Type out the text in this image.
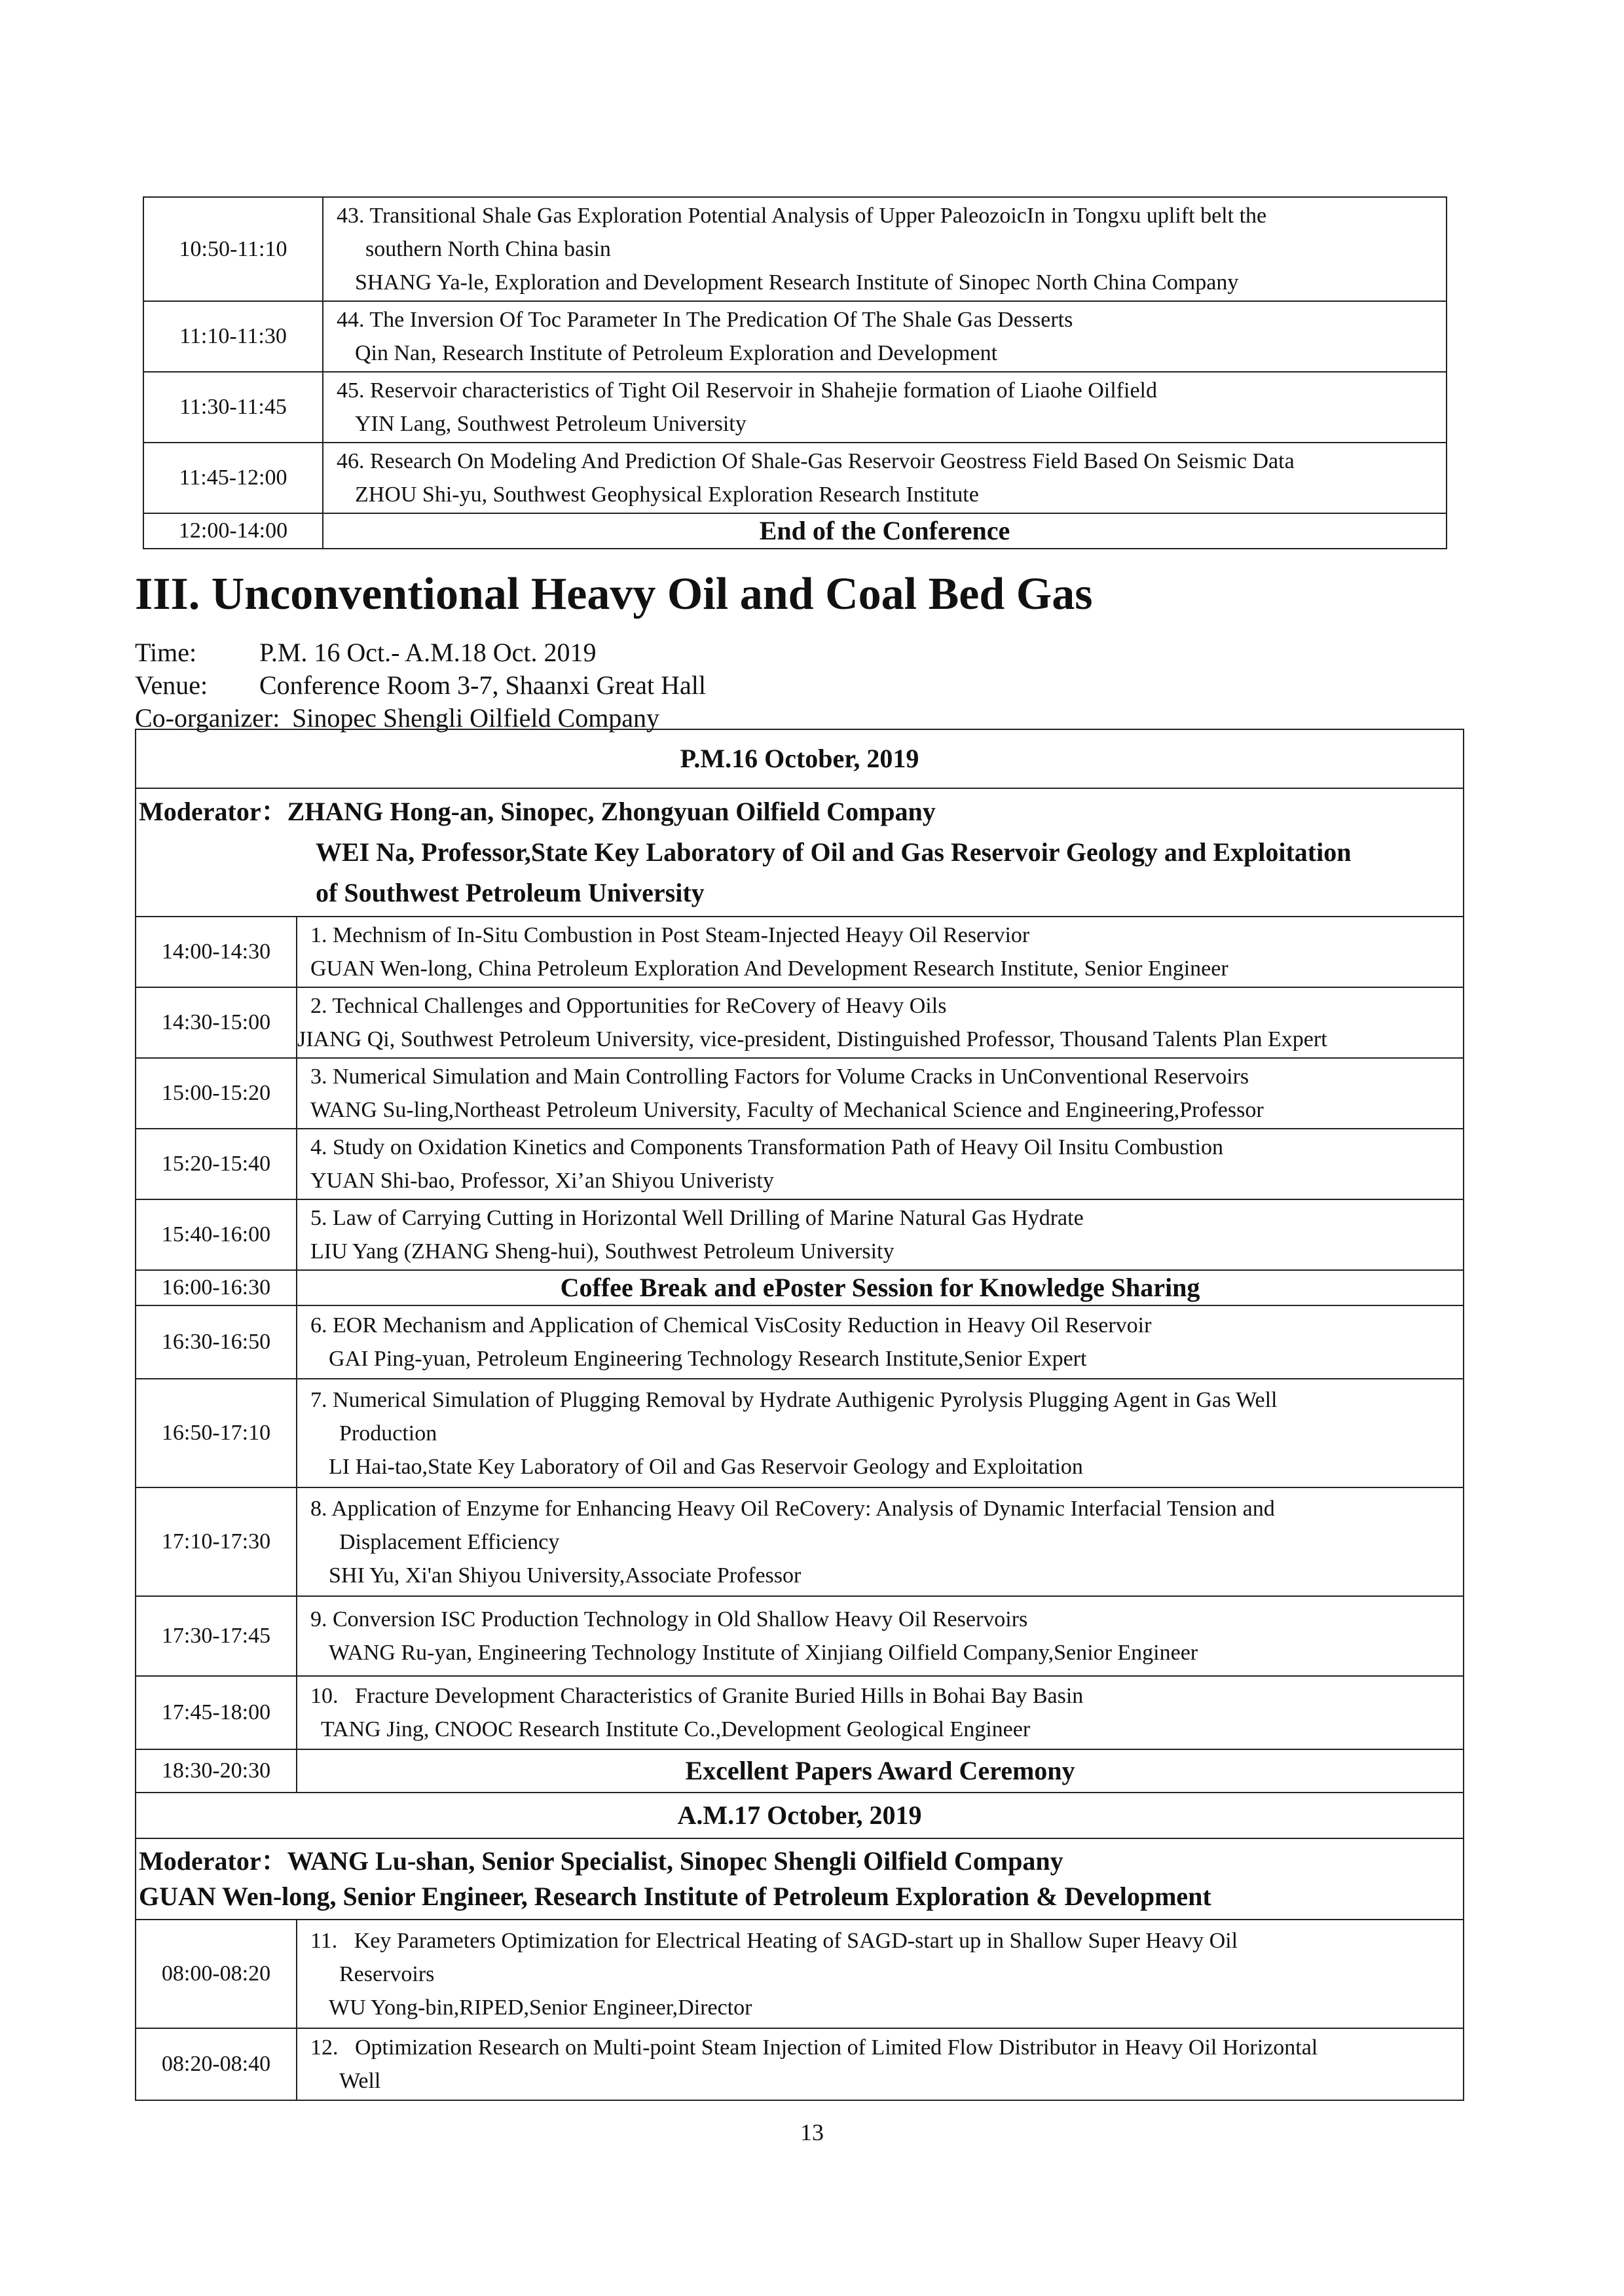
10:50-11:10	43. Transitional Shale Gas Exploration Potential Analysis of Upper PaleozoicIn in Tongxu uplift belt the
southern North China basin
SHANG Ya-le, Exploration and Development Research Institute of Sinopec North China Company

11:10-11:30	44. The Inversion Of Toc Parameter In The Predication Of The Shale Gas Desserts
Qin Nan, Research Institute of Petroleum Exploration and Development

11:30-11:45	45. Reservoir characteristics of Tight Oil Reservoir in Shahejie formation of Liaohe Oilfield
YIN Lang, Southwest Petroleum University

11:45-12:00	46. Research On Modeling And Prediction Of Shale-Gas Reservoir Geostress Field Based On Seismic Data
ZHOU Shi-yu, Southwest Geophysical Exploration Research Institute

12:00-14:00	End of the Conference
III. Unconventional Heavy Oil and Coal Bed Gas
Time: P.M. 16 Oct.- A.M.18 Oct. 2019
Venue: Conference Room 3-7, Shaanxi Great Hall
Co-organizer: Sinopec Shengli Oilfield Company
P.M.16 October, 2019	

Moderator：ZHANG Hong-an, Sinopec, Zhongyuan Oilfield Company
WEI Na, Professor,State Key Laboratory of Oil and Gas Reservoir Geology and Exploitation
of Southwest Petroleum University	

14:00-14:30	1. Mechnism of In-Situ Combustion in Post Steam-Injected Heayy Oil Reservior
GUAN Wen-long, China Petroleum Exploration And Development Research Institute, Senior Engineer

14:30-15:00	2. Technical Challenges and Opportunities for ReCovery of Heavy Oils
JIANG Qi, Southwest Petroleum University, vice-president, Distinguished Professor, Thousand Talents Plan Expert

15:00-15:20	3. Numerical Simulation and Main Controlling Factors for Volume Cracks in UnConventional Reservoirs
WANG Su-ling,Northeast Petroleum University, Faculty of Mechanical Science and Engineering,Professor

15:20-15:40	4. Study on Oxidation Kinetics and Components Transformation Path of Heavy Oil Insitu Combustion
YUAN Shi-bao, Professor, Xi’an Shiyou Univeristy

15:40-16:00	5. Law of Carrying Cutting in Horizontal Well Drilling of Marine Natural Gas Hydrate
LIU Yang (ZHANG Sheng-hui), Southwest Petroleum University

16:00-16:30	Coffee Break and ePoster Session for Knowledge Sharing
16:30-16:50	6. EOR Mechanism and Application of Chemical VisCosity Reduction in Heavy Oil Reservoir
GAI Ping-yuan, Petroleum Engineering Technology Research Institute,Senior Expert

16:50-17:10	7. Numerical Simulation of Plugging Removal by Hydrate Authigenic Pyrolysis Plugging Agent in Gas Well
Production
LI Hai-tao,State Key Laboratory of Oil and Gas Reservoir Geology and Exploitation

17:10-17:30	8. Application of Enzyme for Enhancing Heavy Oil ReCovery: Analysis of Dynamic Interfacial Tension and
Displacement Efficiency
SHI Yu, Xi'an Shiyou University,Associate Professor

17:30-17:45	9. Conversion ISC Production Technology in Old Shallow Heavy Oil Reservoirs
WANG Ru-yan, Engineering Technology Institute of Xinjiang Oilfield Company,Senior Engineer

17:45-18:00	10. Fracture Development Characteristics of Granite Buried Hills in Bohai Bay Basin
TANG Jing, CNOOC Research Institute Co.,Development Geological Engineer

18:30-20:30	Excellent Papers Award Ceremony
A.M.17 October, 2019	

Moderator：WANG Lu-shan, Senior Specialist, Sinopec Shengli Oilfield Company
GUAN Wen-long, Senior Engineer, Research Institute of Petroleum Exploration & Development	

08:00-08:20	11. Key Parameters Optimization for Electrical Heating of SAGD-start up in Shallow Super Heavy Oil
Reservoirs
WU Yong-bin,RIPED,Senior Engineer,Director

08:20-08:40	12. Optimization Research on Multi-point Steam Injection of Limited Flow Distributor in Heavy Oil Horizontal
Well
13
